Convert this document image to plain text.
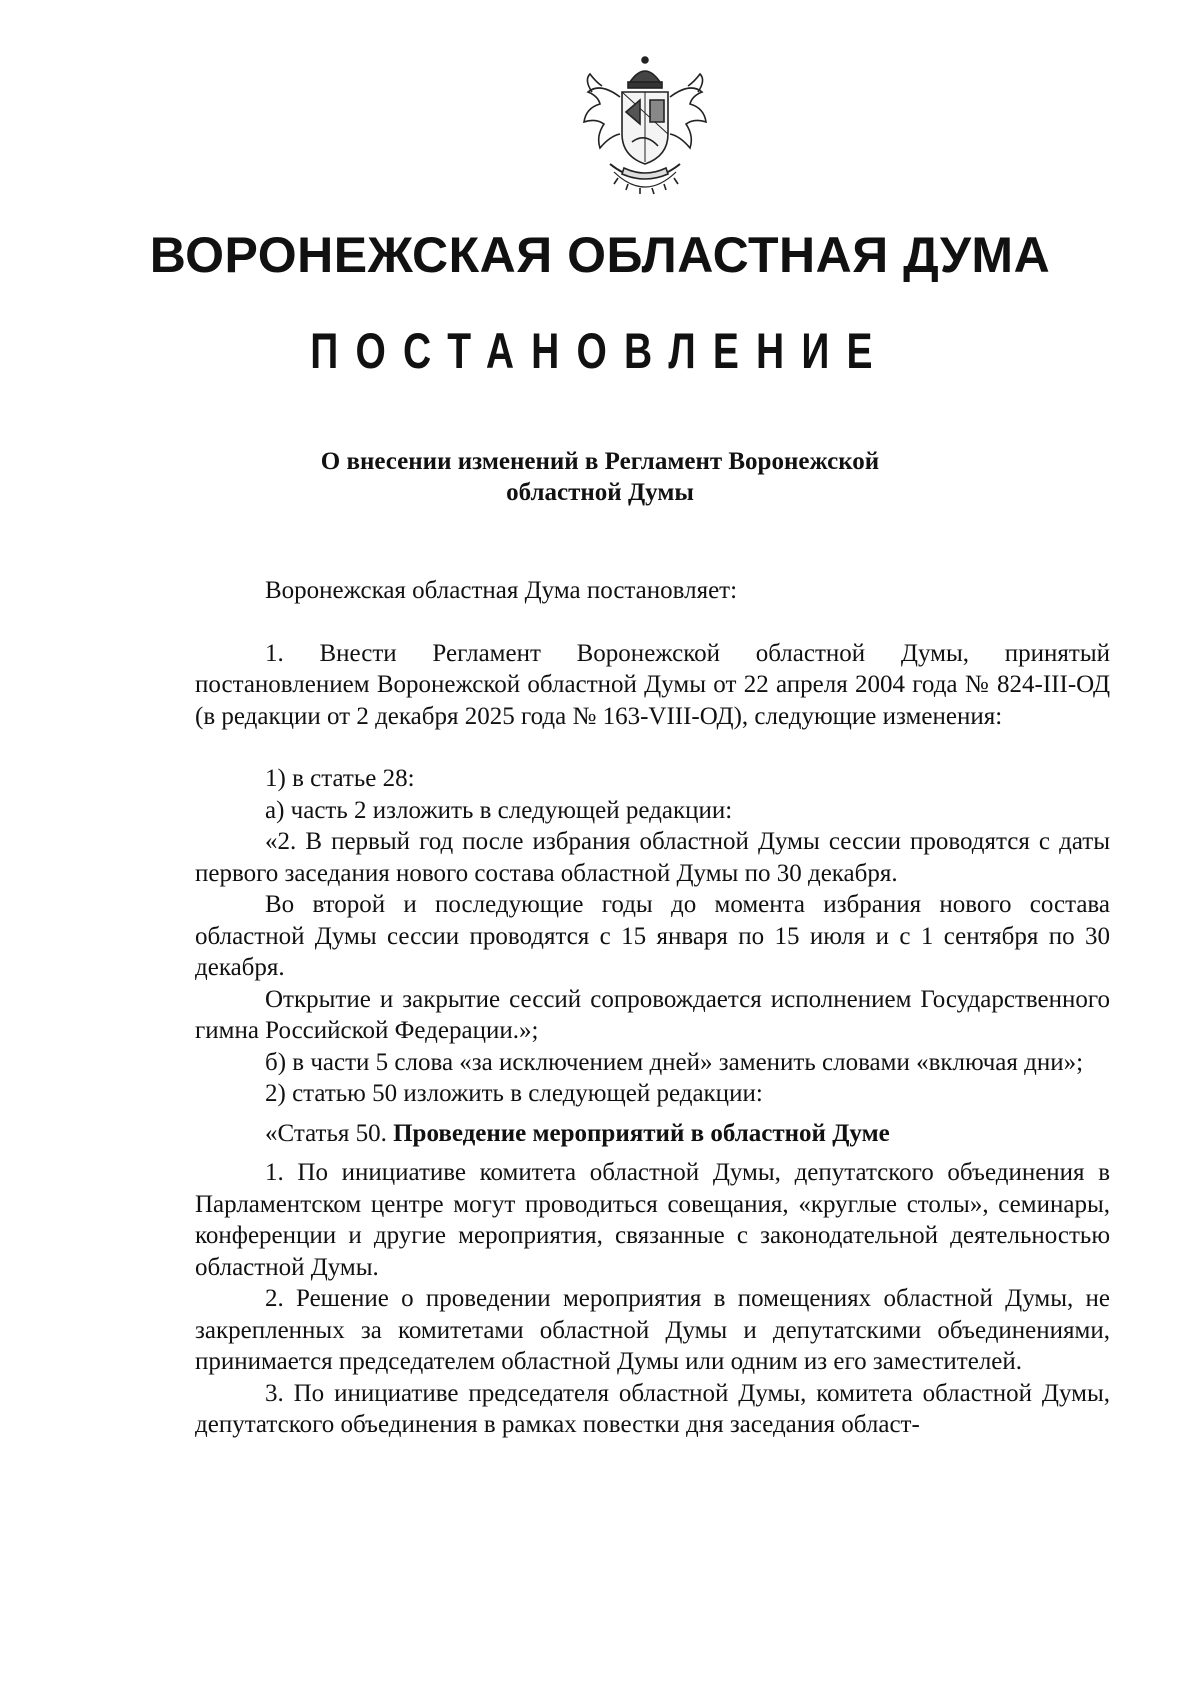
ВОРОНЕЖСКАЯ ОБЛАСТНАЯ ДУМА
ПОСТАНОВЛЕНИЕ
О внесении изменений в Регламент Воронежской
областной Думы

Воронежская областная Дума постановляет:

1. Внести Регламент Воронежской областной Думы, принятый постановлением Воронежской областной Думы от 22 апреля 2004 года № 824-III-ОД (в редакции от 2 декабря 2025 года № 163-VIII-ОД), следующие изменения:

1) в статье 28:

а) часть 2 изложить в следующей редакции:

«2. В первый год после избрания областной Думы сессии проводятся с даты первого заседания нового состава областной Думы по 30 декабря.

Во второй и последующие годы до момента избрания нового состава областной Думы сессии проводятся с 15 января по 15 июля и с 1 сентября по 30 декабря.

Открытие и закрытие сессий сопровождается исполнением Государственного гимна Российской Федерации.»;

б) в части 5 слова «за исключением дней» заменить словами «включая дни»;

2) статью 50 изложить в следующей редакции:

«Статья 50. Проведение мероприятий в областной Думе

1. По инициативе комитета областной Думы, депутатского объединения в Парламентском центре могут проводиться совещания, «круглые столы», семинары, конференции и другие мероприятия, связанные с законодательной деятельностью областной Думы.

2. Решение о проведении мероприятия в помещениях областной Думы, не закрепленных за комитетами областной Думы и депутатскими объединениями, принимается председателем областной Думы или одним из его заместителей.

3. По инициативе председателя областной Думы, комитета областной Думы, депутатского объединения в рамках повестки дня заседания област-
